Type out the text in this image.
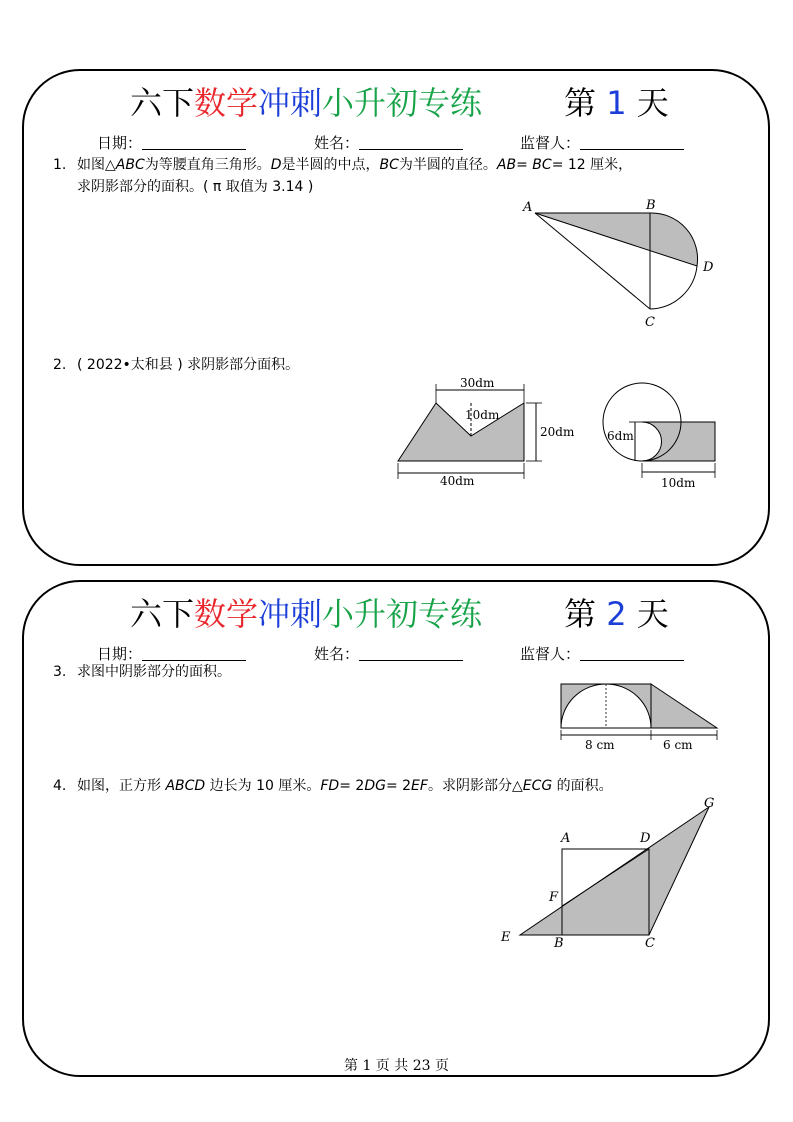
六下数学冲刺小升初专练	第 1 天
日期：	姓名：	监督人：
1. 如图△ABC为等腰直角三角形。D是半圆的中点，BC为半圆的直径。AB= BC= 12 厘米，
求阴影部分的面积。( π 取值为 3.14 )
A	B
D
C
2. ( 2022•太和县 ) 求阴影部分面积。
30dm
10dm
20dm
40dm
6dm
10dm
六下数学冲刺小升初专练	第 2 天
日期：	姓名：	监督人：
3. 求图中阴影部分的面积。
8 cm	6 cm
4. 如图，正方形 ABCD 边长为 10 厘米。FD= 2DG= 2EF。求阴影部分△ECG 的面积。
A	D
G
F
E	B	C
第 1 页 共 23 页
